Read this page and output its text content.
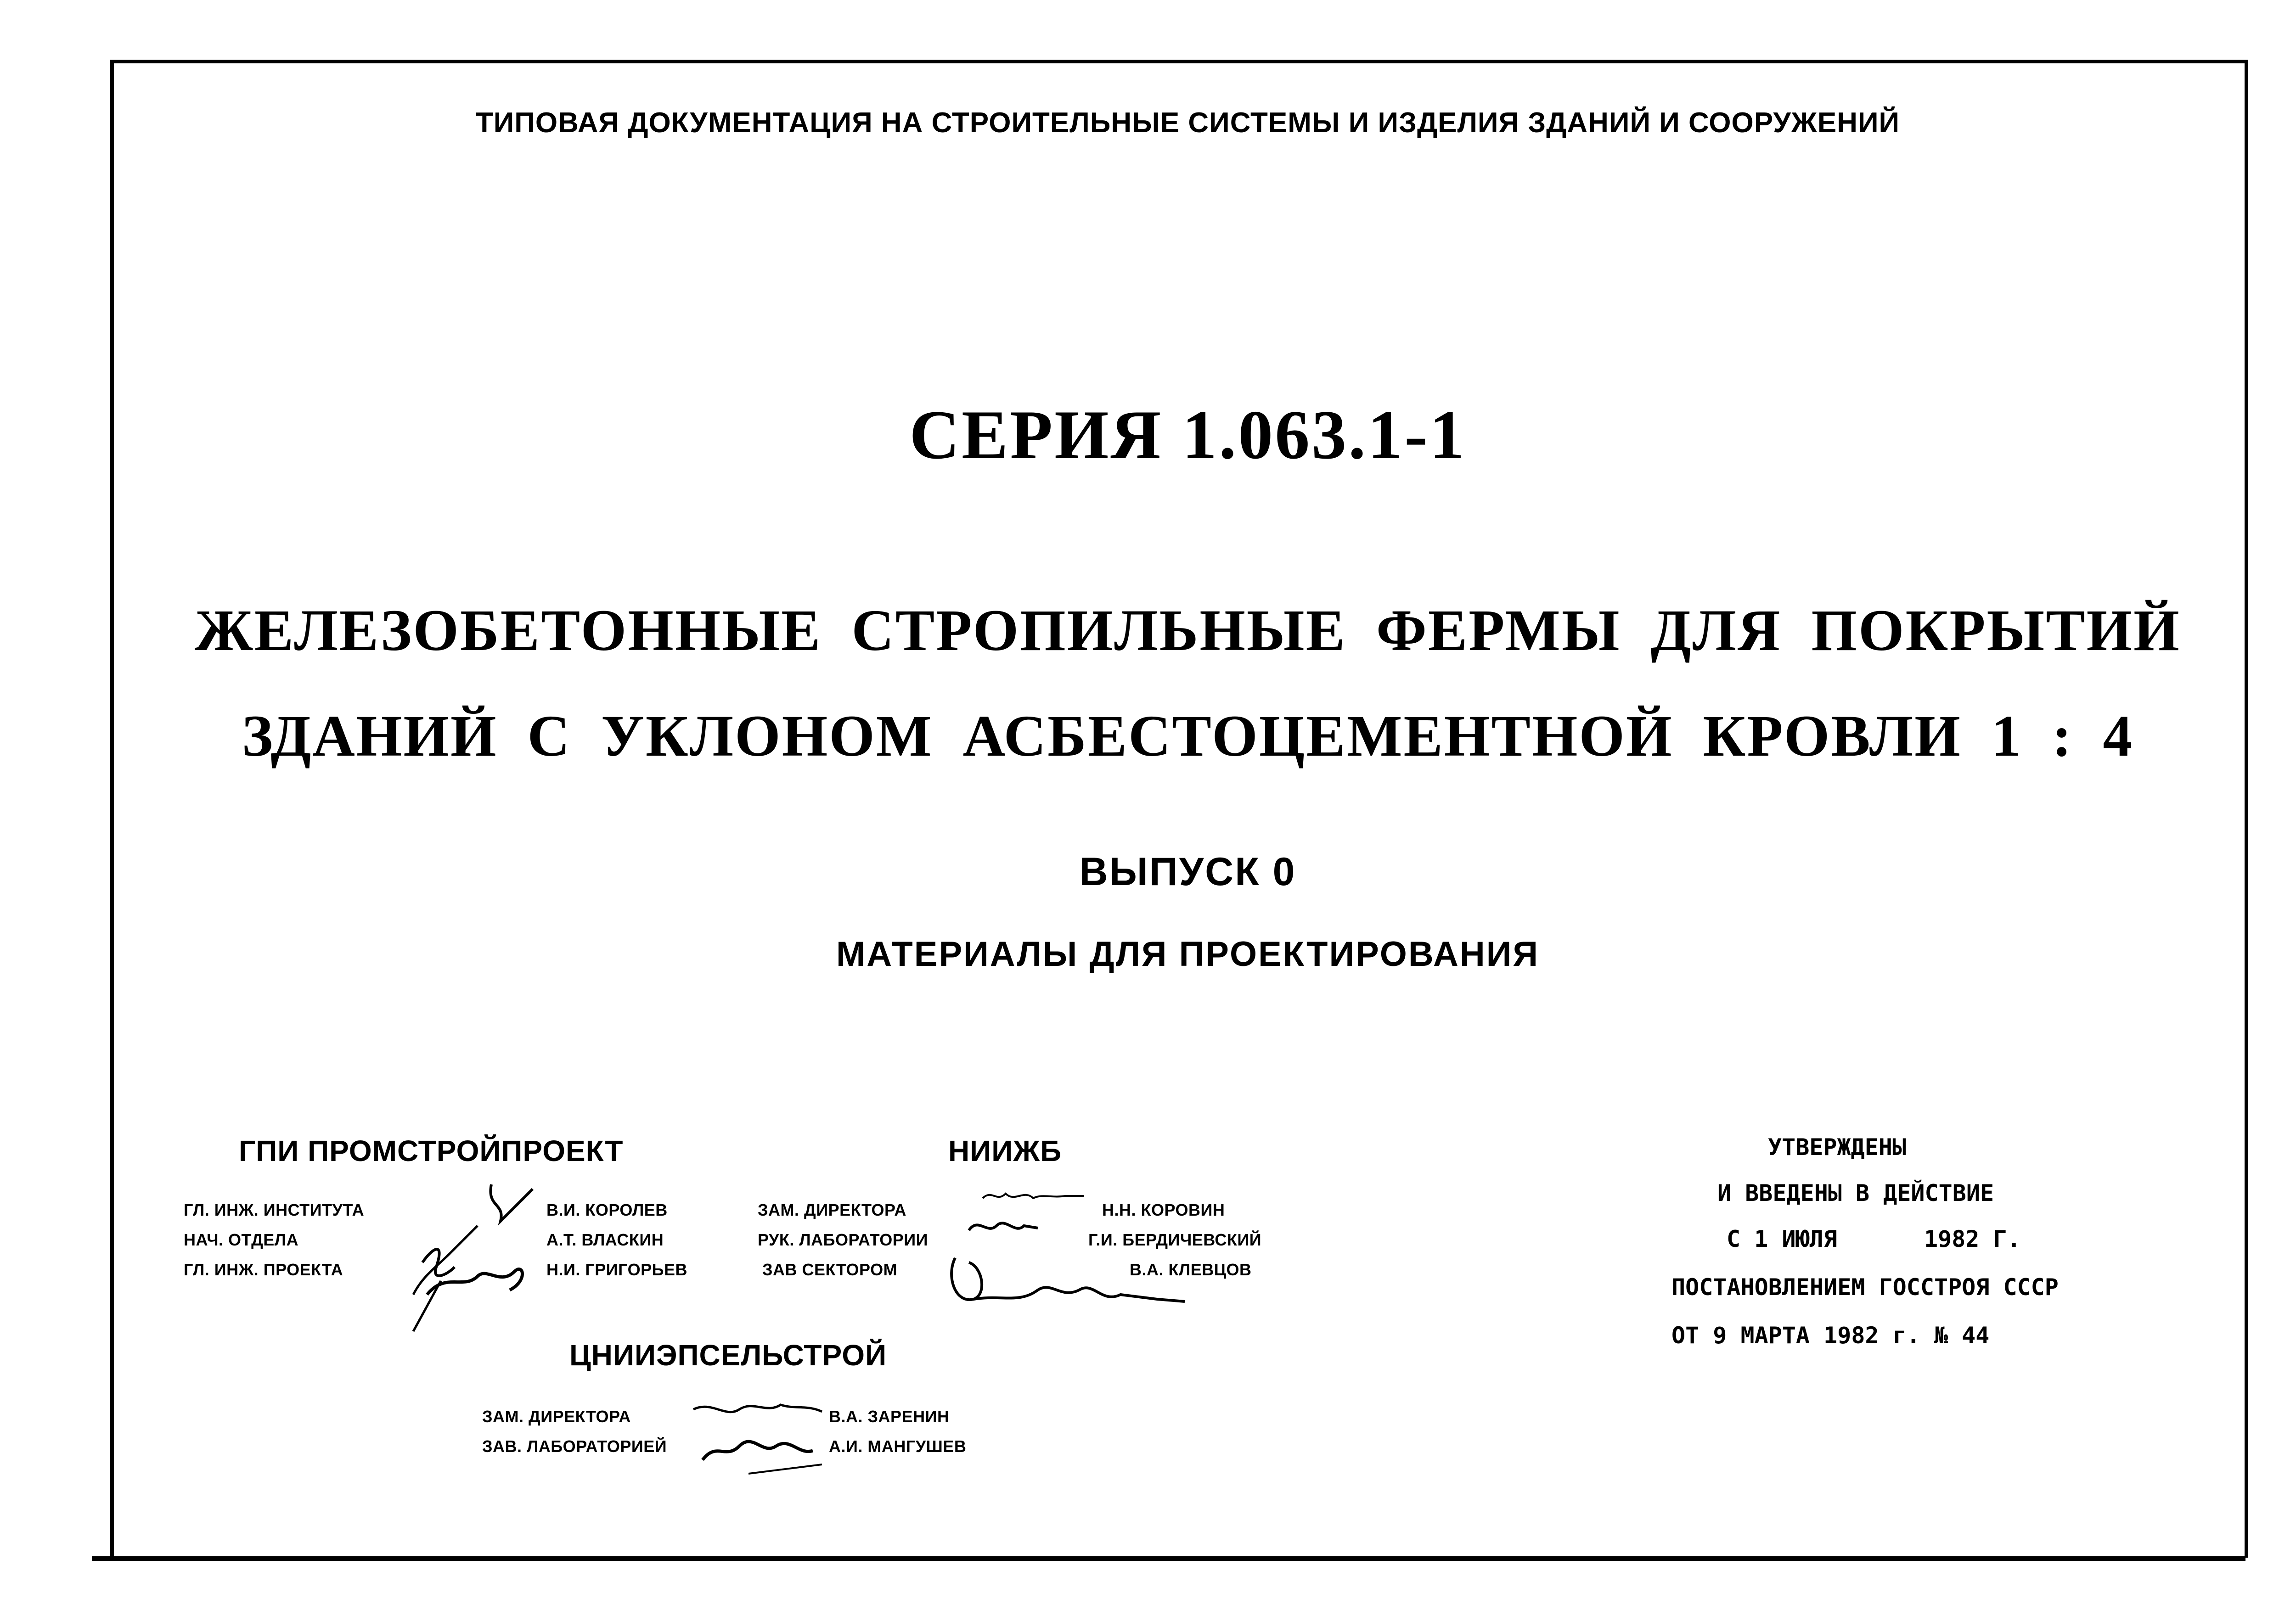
ТИПОВАЯ ДОКУМЕНТАЦИЯ НА СТРОИТЕЛЬНЫЕ СИСТЕМЫ И ИЗДЕЛИЯ ЗДАНИЙ И СООРУЖЕНИЙ
СЕРИЯ 1.063.1-1
ЖЕЛЕЗОБЕТОННЫЕ СТРОПИЛЬНЫЕ ФЕРМЫ ДЛЯ ПОКРЫТИЙ
ЗДАНИЙ С УКЛОНОМ АСБЕСТОЦЕМЕНТНОЙ КРОВЛИ 1 : 4
ВЫПУСК 0
МАТЕРИАЛЫ ДЛЯ ПРОЕКТИРОВАНИЯ
ГПИ ПРОМСТРОЙПРОЕКТ
ГЛ. ИНЖ. ИНСТИТУТА
НАЧ. ОТДЕЛА
ГЛ. ИНЖ. ПРОЕКТА
В.И. КОРОЛЕВ
А.Т. ВЛАСКИН
Н.И. ГРИГОРЬЕВ
НИИЖБ
ЗАМ. ДИРЕКТОРА
РУК. ЛАБОРАТОРИИ
ЗАВ СЕКТОРОМ
Н.Н. КОРОВИН
Г.И. БЕРДИЧЕВСКИЙ
В.А. КЛЕВЦОВ
ЦНИИЭПСЕЛЬСТРОЙ
ЗАМ. ДИРЕКТОРА
ЗАВ. ЛАБОРАТОРИЕЙ
В.А. ЗАРЕНИН
А.И. МАНГУШЕВ
УТВЕРЖДЕНЫ
И ВВЕДЕНЫ В ДЕЙСТВИЕ
С 1 ИЮЛЯ	1982 Г.
ПОСТАНОВЛЕНИЕМ ГОССТРОЯ СССР
ОТ 9 МАРТА 1982 г. № 44
